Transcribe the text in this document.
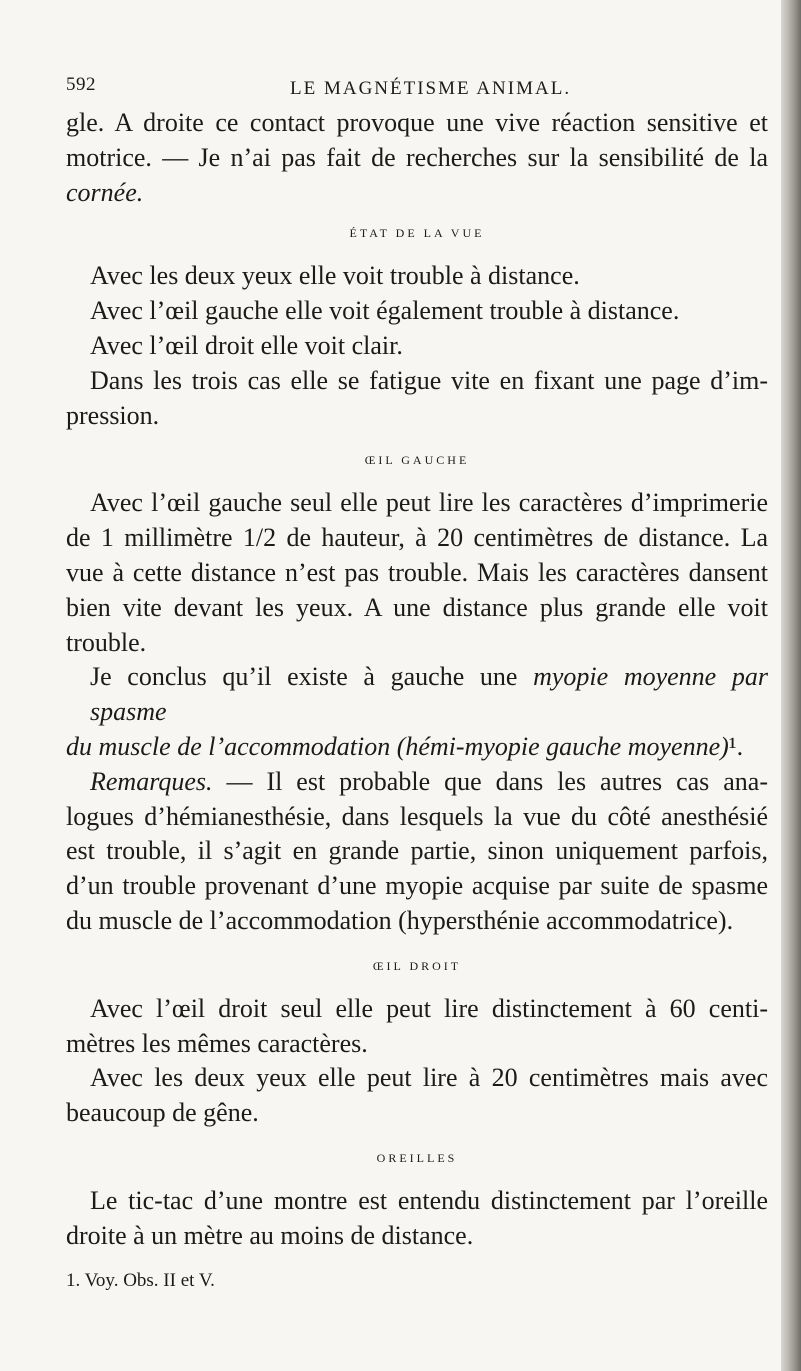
592	LE MAGNÉTISME ANIMAL.
gle. A droite ce contact provoque une vive réaction sensitive et
motrice. — Je n’ai pas fait de recherches sur la sensibilité de la
cornée.
ÉTAT DE LA VUE
Avec les deux yeux elle voit trouble à distance.
Avec l’œil gauche elle voit également trouble à distance.
Avec l’œil droit elle voit clair.
Dans les trois cas elle se fatigue vite en fixant une page d’im-
pression.
ŒIL GAUCHE
Avec l’œil gauche seul elle peut lire les caractères d’imprimerie
de 1 millimètre 1/2 de hauteur, à 20 centimètres de distance. La
vue à cette distance n’est pas trouble. Mais les caractères dansent
bien vite devant les yeux. A une distance plus grande elle voit
trouble.
Je conclus qu’il existe à gauche une myopie moyenne par spasme
du muscle de l’accommodation (hémi-myopie gauche moyenne)¹.
Remarques. — Il est probable que dans les autres cas ana-
logues d’hémianesthésie, dans lesquels la vue du côté anesthésié
est trouble, il s’agit en grande partie, sinon uniquement parfois,
d’un trouble provenant d’une myopie acquise par suite de spasme
du muscle de l’accommodation (hypersthénie accommodatrice).
ŒIL DROIT
Avec l’œil droit seul elle peut lire distinctement à 60 centi-
mètres les mêmes caractères.
Avec les deux yeux elle peut lire à 20 centimètres mais avec
beaucoup de gêne.
OREILLES
Le tic-tac d’une montre est entendu distinctement par l’oreille
droite à un mètre au moins de distance.
1. Voy. Obs. II et V.
